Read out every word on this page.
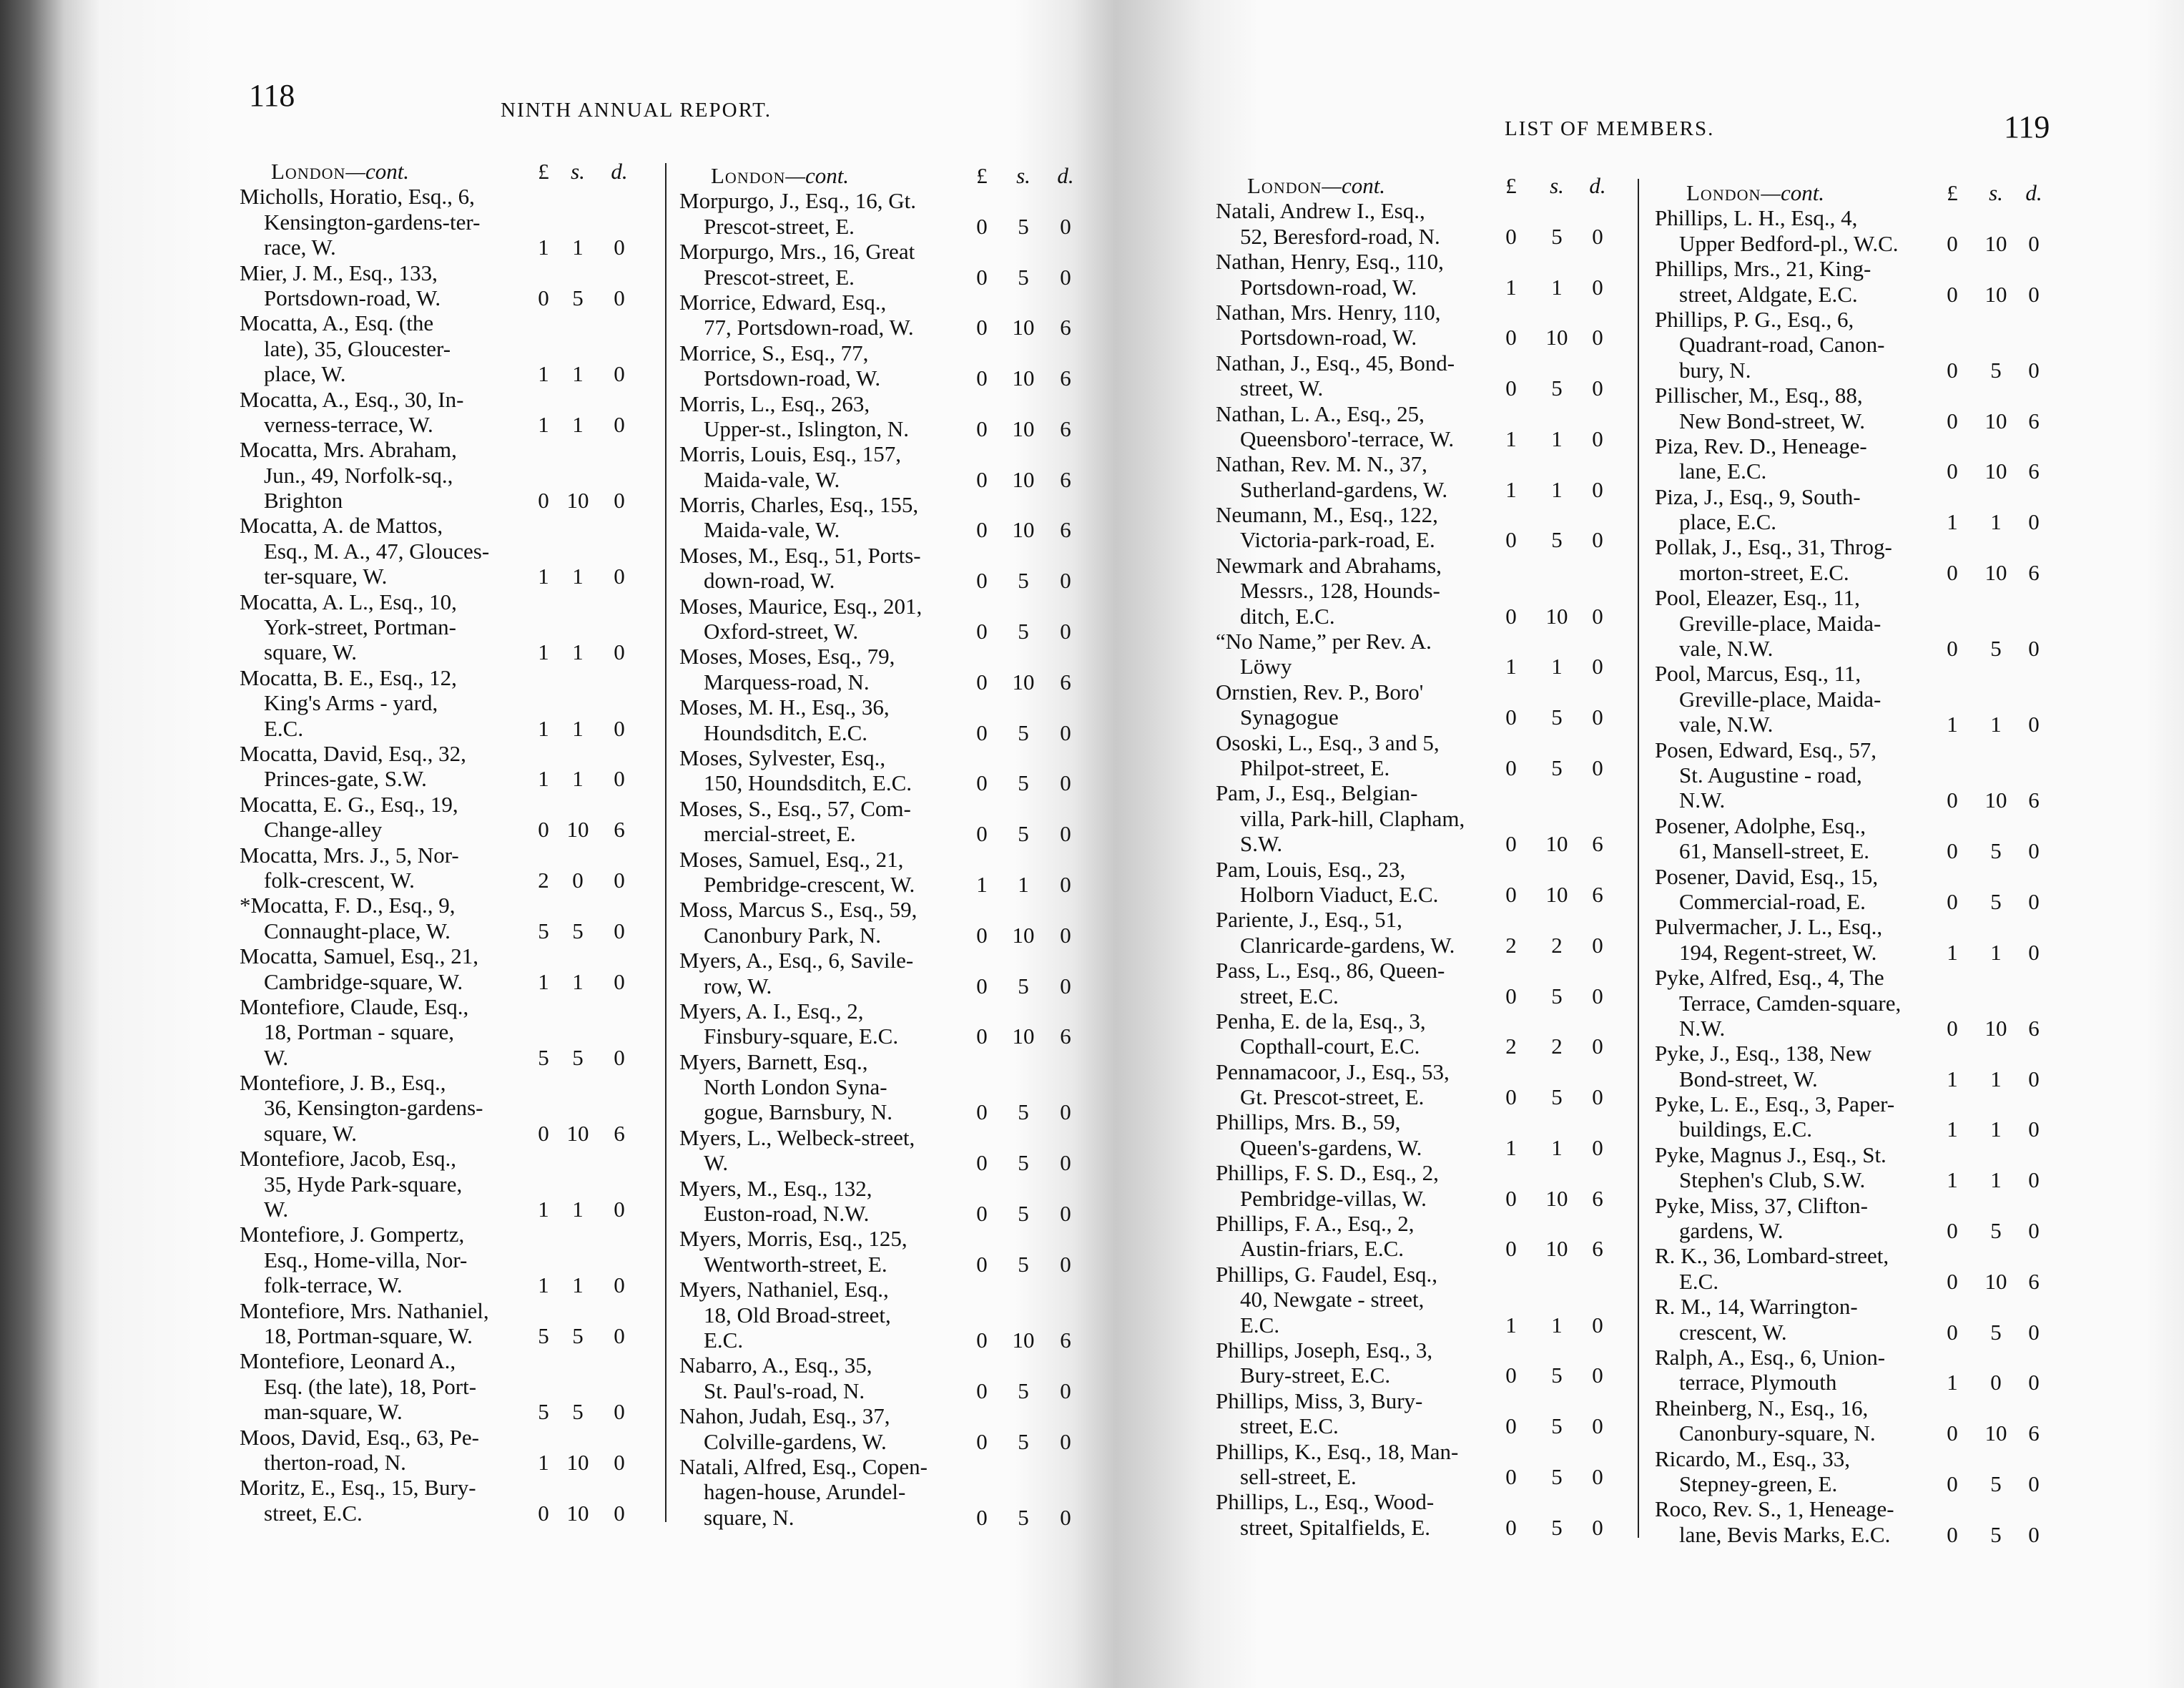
118	NINTH ANNUAL REPORT.
LIST OF MEMBERS.	119
London—cont.	£ s.	d.
Micholls, Horatio, Esq., 6,
Kensington-gardens-ter-
race, W.	1	1	0
Mier, J. M., Esq., 133,
Portsdown-road, W.	0	5	0
Mocatta, A., Esq. (the
late), 35, Gloucester-
place, W.	1	1	0
Mocatta, A., Esq., 30, In-
verness-terrace, W.	1	1	0
Mocatta, Mrs. Abraham,
Jun., 49, Norfolk-sq.,
Brighton	0 10	0
Mocatta, A. de Mattos,
Esq., M. A., 47, Glouces-
ter-square, W.	1	1	0
Mocatta, A. L., Esq., 10,
York-street, Portman-
square, W.	1	1	0
Mocatta, B. E., Esq., 12,
King's Arms - yard,
E.C.	1	1	0
Mocatta, David, Esq., 32,
Princes-gate, S.W.	1	1	0
Mocatta, E. G., Esq., 19,
Change-alley	0 10	6
Mocatta, Mrs. J., 5, Nor-
folk-crescent, W.	2	0	0
*Mocatta, F. D., Esq., 9,
Connaught-place, W.	5	5	0
Mocatta, Samuel, Esq., 21,
Cambridge-square, W.	1	1	0
Montefiore, Claude, Esq.,
18, Portman - square,
W.	5	5	0
Montefiore, J. B., Esq.,
36, Kensington-gardens-
square, W.	0 10	6
Montefiore, Jacob, Esq.,
35, Hyde Park-square,
W.	1	1	0
Montefiore, J. Gompertz,
Esq., Home-villa, Nor-
folk-terrace, W.	1	1	0
Montefiore, Mrs. Nathaniel,
18, Portman-square, W.	5	5	0
Montefiore, Leonard A.,
Esq. (the late), 18, Port-
man-square, W.	5	5	0
Moos, David, Esq., 63, Pe-
therton-road, N.	1 10	0
Moritz, E., Esq., 15, Bury-
street, E.C.	0 10	0
London—cont.	£	s.	d.
Morpurgo, J., Esq., 16, Gt.
Prescot-street, E.	0	5	0
Morpurgo, Mrs., 16, Great
Prescot-street, E.	0	5	0
Morrice, Edward, Esq.,
77, Portsdown-road, W.	0	10	6
Morrice, S., Esq., 77,
Portsdown-road, W.	0	10	6
Morris, L., Esq., 263,
Upper-st., Islington, N.	0	10	6
Morris, Louis, Esq., 157,
Maida-vale, W.	0	10	6
Morris, Charles, Esq., 155,
Maida-vale, W.	0	10	6
Moses, M., Esq., 51, Ports-
down-road, W.	0	5	0
Moses, Maurice, Esq., 201,
Oxford-street, W.	0	5	0
Moses, Moses, Esq., 79,
Marquess-road, N.	0	10	6
Moses, M. H., Esq., 36,
Houndsditch, E.C.	0	5	0
Moses, Sylvester, Esq.,
150, Houndsditch, E.C.	0	5	0
Moses, S., Esq., 57, Com-
mercial-street, E.	0	5	0
Moses, Samuel, Esq., 21,
Pembridge-crescent, W.	1	1	0
Moss, Marcus S., Esq., 59,
Canonbury Park, N.	0	10	0
Myers, A., Esq., 6, Savile-
row, W.	0	5	0
Myers, A. I., Esq., 2,
Finsbury-square, E.C.	0	10	6
Myers, Barnett, Esq.,
North London Syna-
gogue, Barnsbury, N.	0	5	0
Myers, L., Welbeck-street,
W.	0	5	0
Myers, M., Esq., 132,
Euston-road, N.W.	0	5	0
Myers, Morris, Esq., 125,
Wentworth-street, E.	0	5	0
Myers, Nathaniel, Esq.,
18, Old Broad-street,
E.C.	0	10	6
Nabarro, A., Esq., 35,
St. Paul's-road, N.	0	5	0
Nahon, Judah, Esq., 37,
Colville-gardens, W.	0	5	0
Natali, Alfred, Esq., Copen-
hagen-house, Arundel-
square, N.	0	5	0
London—cont.	£	s.	d.
Natali, Andrew I., Esq.,
52, Beresford-road, N.	0	5	0
Nathan, Henry, Esq., 110,
Portsdown-road, W.	1	1	0
Nathan, Mrs. Henry, 110,
Portsdown-road, W.	0	10	0
Nathan, J., Esq., 45, Bond-
street, W.	0	5	0
Nathan, L. A., Esq., 25,
Queensboro'-terrace, W.	1	1	0
Nathan, Rev. M. N., 37,
Sutherland-gardens, W.	1	1	0
Neumann, M., Esq., 122,
Victoria-park-road, E.	0	5	0
Newmark and Abrahams,
Messrs., 128, Hounds-
ditch, E.C.	0	10	0
“No Name,” per Rev. A.
Löwy	1	1	0
Ornstien, Rev. P., Boro'
Synagogue	0	5	0
Ososki, L., Esq., 3 and 5,
Philpot-street, E.	0	5	0
Pam, J., Esq., Belgian-
villa, Park-hill, Clapham,
S.W.	0	10	6
Pam, Louis, Esq., 23,
Holborn Viaduct, E.C.	0	10	6
Pariente, J., Esq., 51,
Clanricarde-gardens, W.	2	2	0
Pass, L., Esq., 86, Queen-
street, E.C.	0	5	0
Penha, E. de la, Esq., 3,
Copthall-court, E.C.	2	2	0
Pennamacoor, J., Esq., 53,
Gt. Prescot-street, E.	0	5	0
Phillips, Mrs. B., 59,
Queen's-gardens, W.	1	1	0
Phillips, F. S. D., Esq., 2,
Pembridge-villas, W.	0	10	6
Phillips, F. A., Esq., 2,
Austin-friars, E.C.	0	10	6
Phillips, G. Faudel, Esq.,
40, Newgate - street,
E.C.	1	1	0
Phillips, Joseph, Esq., 3,
Bury-street, E.C.	0	5	0
Phillips, Miss, 3, Bury-
street, E.C.	0	5	0
Phillips, K., Esq., 18, Man-
sell-street, E.	0	5	0
Phillips, L., Esq., Wood-
street, Spitalfields, E.	0	5	0
London—cont.	£	s.	d.
Phillips, L. H., Esq., 4,
Upper Bedford-pl., W.C.	0	10 0
Phillips, Mrs., 21, King-
street, Aldgate, E.C.	0	10 0
Phillips, P. G., Esq., 6,
Quadrant-road, Canon-
bury, N.	0	5	0
Pillischer, M., Esq., 88,
New Bond-street, W.	0	10 6
Piza, Rev. D., Heneage-
lane, E.C.	0	10 6
Piza, J., Esq., 9, South-
place, E.C.	1	1	0
Pollak, J., Esq., 31, Throg-
morton-street, E.C.	0	10 6
Pool, Eleazer, Esq., 11,
Greville-place, Maida-
vale, N.W.	0	5	0
Pool, Marcus, Esq., 11,
Greville-place, Maida-
vale, N.W.	1	1	0
Posen, Edward, Esq., 57,
St. Augustine - road,
N.W.	0	10 6
Posener, Adolphe, Esq.,
61, Mansell-street, E.	0	5	0
Posener, David, Esq., 15,
Commercial-road, E.	0	5	0
Pulvermacher, J. L., Esq.,
194, Regent-street, W.	1	1	0
Pyke, Alfred, Esq., 4, The
Terrace, Camden-square,
N.W.	0	10 6
Pyke, J., Esq., 138, New
Bond-street, W.	1	1	0
Pyke, L. E., Esq., 3, Paper-
buildings, E.C.	1	1	0
Pyke, Magnus J., Esq., St.
Stephen's Club, S.W.	1	1	0
Pyke, Miss, 37, Clifton-
gardens, W.	0	5	0
R. K., 36, Lombard-street,
E.C.	0	10 6
R. M., 14, Warrington-
crescent, W.	0	5	0
Ralph, A., Esq., 6, Union-
terrace, Plymouth	1	0	0
Rheinberg, N., Esq., 16,
Canonbury-square, N.	0	10 6
Ricardo, M., Esq., 33,
Stepney-green, E.	0	5	0
Roco, Rev. S., 1, Heneage-
lane, Bevis Marks, E.C.	0	5	0
